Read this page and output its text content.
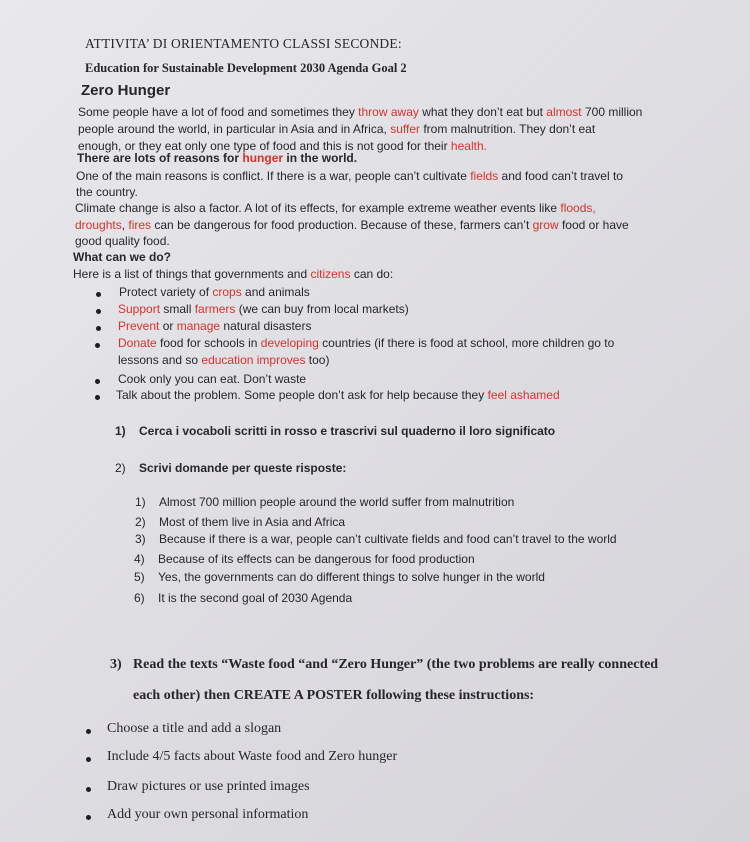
ATTIVITA’ DI ORIENTAMENTO CLASSI SECONDE:
Education for Sustainable Development 2030 Agenda Goal 2
Zero Hunger
Some people have a lot of food and sometimes they throw away what they don’t eat but almost 700 million
people around the world, in particular in Asia and in Africa, suffer from malnutrition. They don’t eat
enough, or they eat only one type of food and this is not good for their health.
There are lots of reasons for hunger in the world.
One of the main reasons is conflict. If there is a war, people can’t cultivate fields and food can’t travel to
the country.
Climate change is also a factor. A lot of its effects, for example extreme weather events like floods,
droughts, fires can be dangerous for food production. Because of these, farmers can’t grow food or have
good quality food.
What can we do?
Here is a list of things that governments and citizens can do:
Protect variety of crops and animals
Support small farmers (we can buy from local markets)
Prevent or manage natural disasters
Donate food for schools in developing countries (if there is food at school, more children go to
lessons and so education improves too)
Cook only you can eat. Don’t waste
Talk about the problem. Some people don’t ask for help because they feel ashamed
1) Cerca i vocaboli scritti in rosso e trascrivi sul quaderno il loro significato
2) Scrivi domande per queste risposte:
1) Almost 700 million people around the world suffer from malnutrition
2) Most of them live in Asia and Africa
3) Because if there is a war, people can’t cultivate fields and food can’t travel to the world
4) Because of its effects can be dangerous for food production
5) Yes, the governments can do different things to solve hunger in the world
6) It is the second goal of 2030 Agenda
3) Read the texts “Waste food “and “Zero Hunger” (the two problems are really connected
each other) then CREATE A POSTER following these instructions:
Choose a title and add a slogan
Include 4/5 facts about Waste food and Zero hunger
Draw pictures or use printed images
Add your own personal information
